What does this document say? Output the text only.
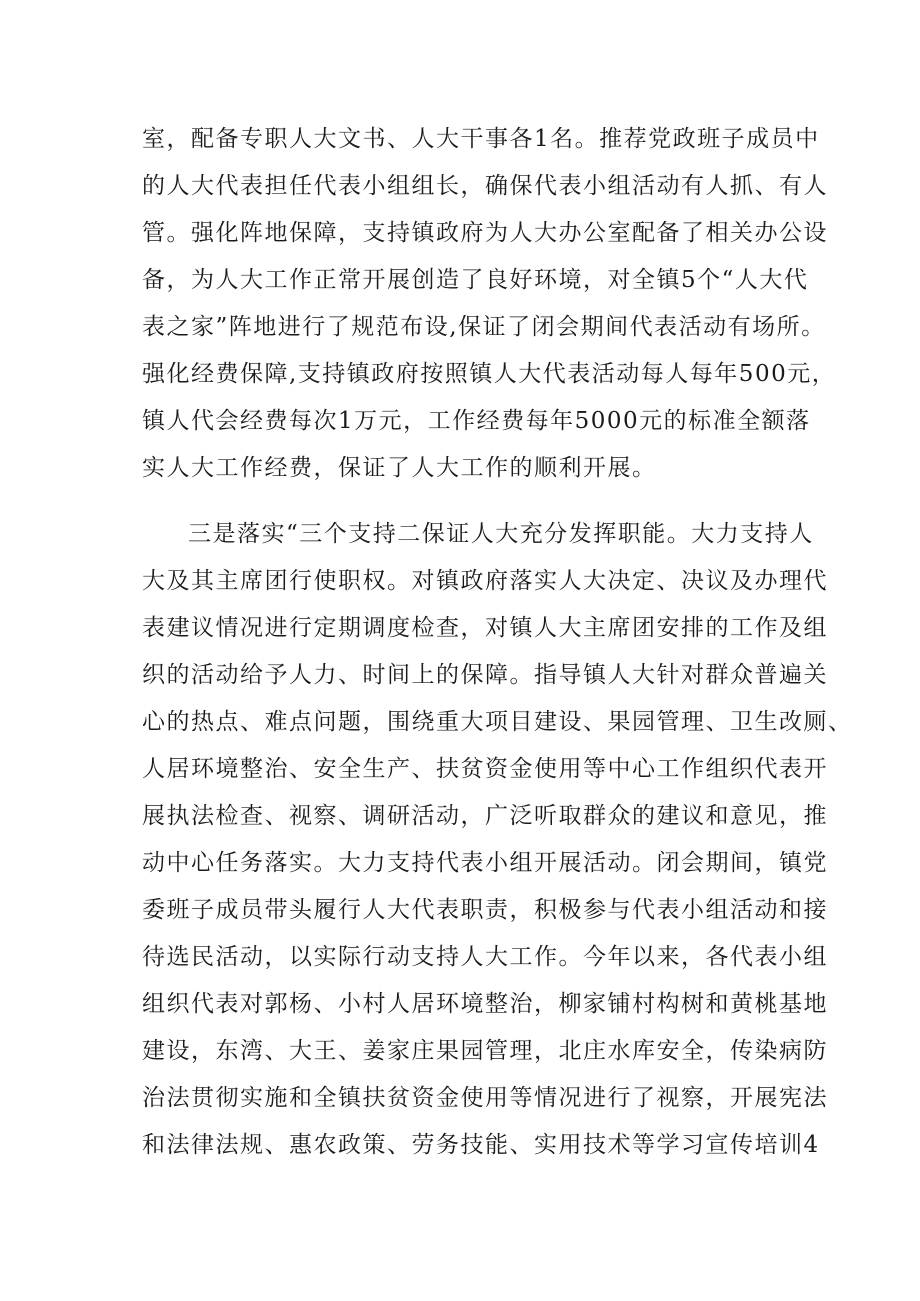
室，配备专职人大文书、人大干事各1名。推荐党政班子成员中
的人大代表担任代表小组组长，确保代表小组活动有人抓、有人
管。强化阵地保障，支持镇政府为人大办公室配备了相关办公设
备，为人大工作正常开展创造了良好环境，对全镇5个“人大代
表之家”阵地进行了规范布设,保证了闭会期间代表活动有场所。
强化经费保障,支持镇政府按照镇人大代表活动每人每年500元，
镇人代会经费每次1万元，工作经费每年5000元的标准全额落
实人大工作经费，保证了人大工作的顺利开展。
三是落实“三个支持二保证人大充分发挥职能。大力支持人
大及其主席团行使职权。对镇政府落实人大决定、决议及办理代
表建议情况进行定期调度检查，对镇人大主席团安排的工作及组
织的活动给予人力、时间上的保障。指导镇人大针对群众普遍关
心的热点、难点问题，围绕重大项目建设、果园管理、卫生改厕、
人居环境整治、安全生产、扶贫资金使用等中心工作组织代表开
展执法检查、视察、调研活动，广泛听取群众的建议和意见，推
动中心任务落实。大力支持代表小组开展活动。闭会期间，镇党
委班子成员带头履行人大代表职责，积极参与代表小组活动和接
待选民活动，以实际行动支持人大工作。今年以来，各代表小组
组织代表对郭杨、小村人居环境整治，柳家铺村构树和黄桃基地
建设，东湾、大王、姜家庄果园管理，北庄水库安全，传染病防
治法贯彻实施和全镇扶贫资金使用等情况进行了视察，开展宪法
和法律法规、惠农政策、劳务技能、实用技术等学习宣传培训4
